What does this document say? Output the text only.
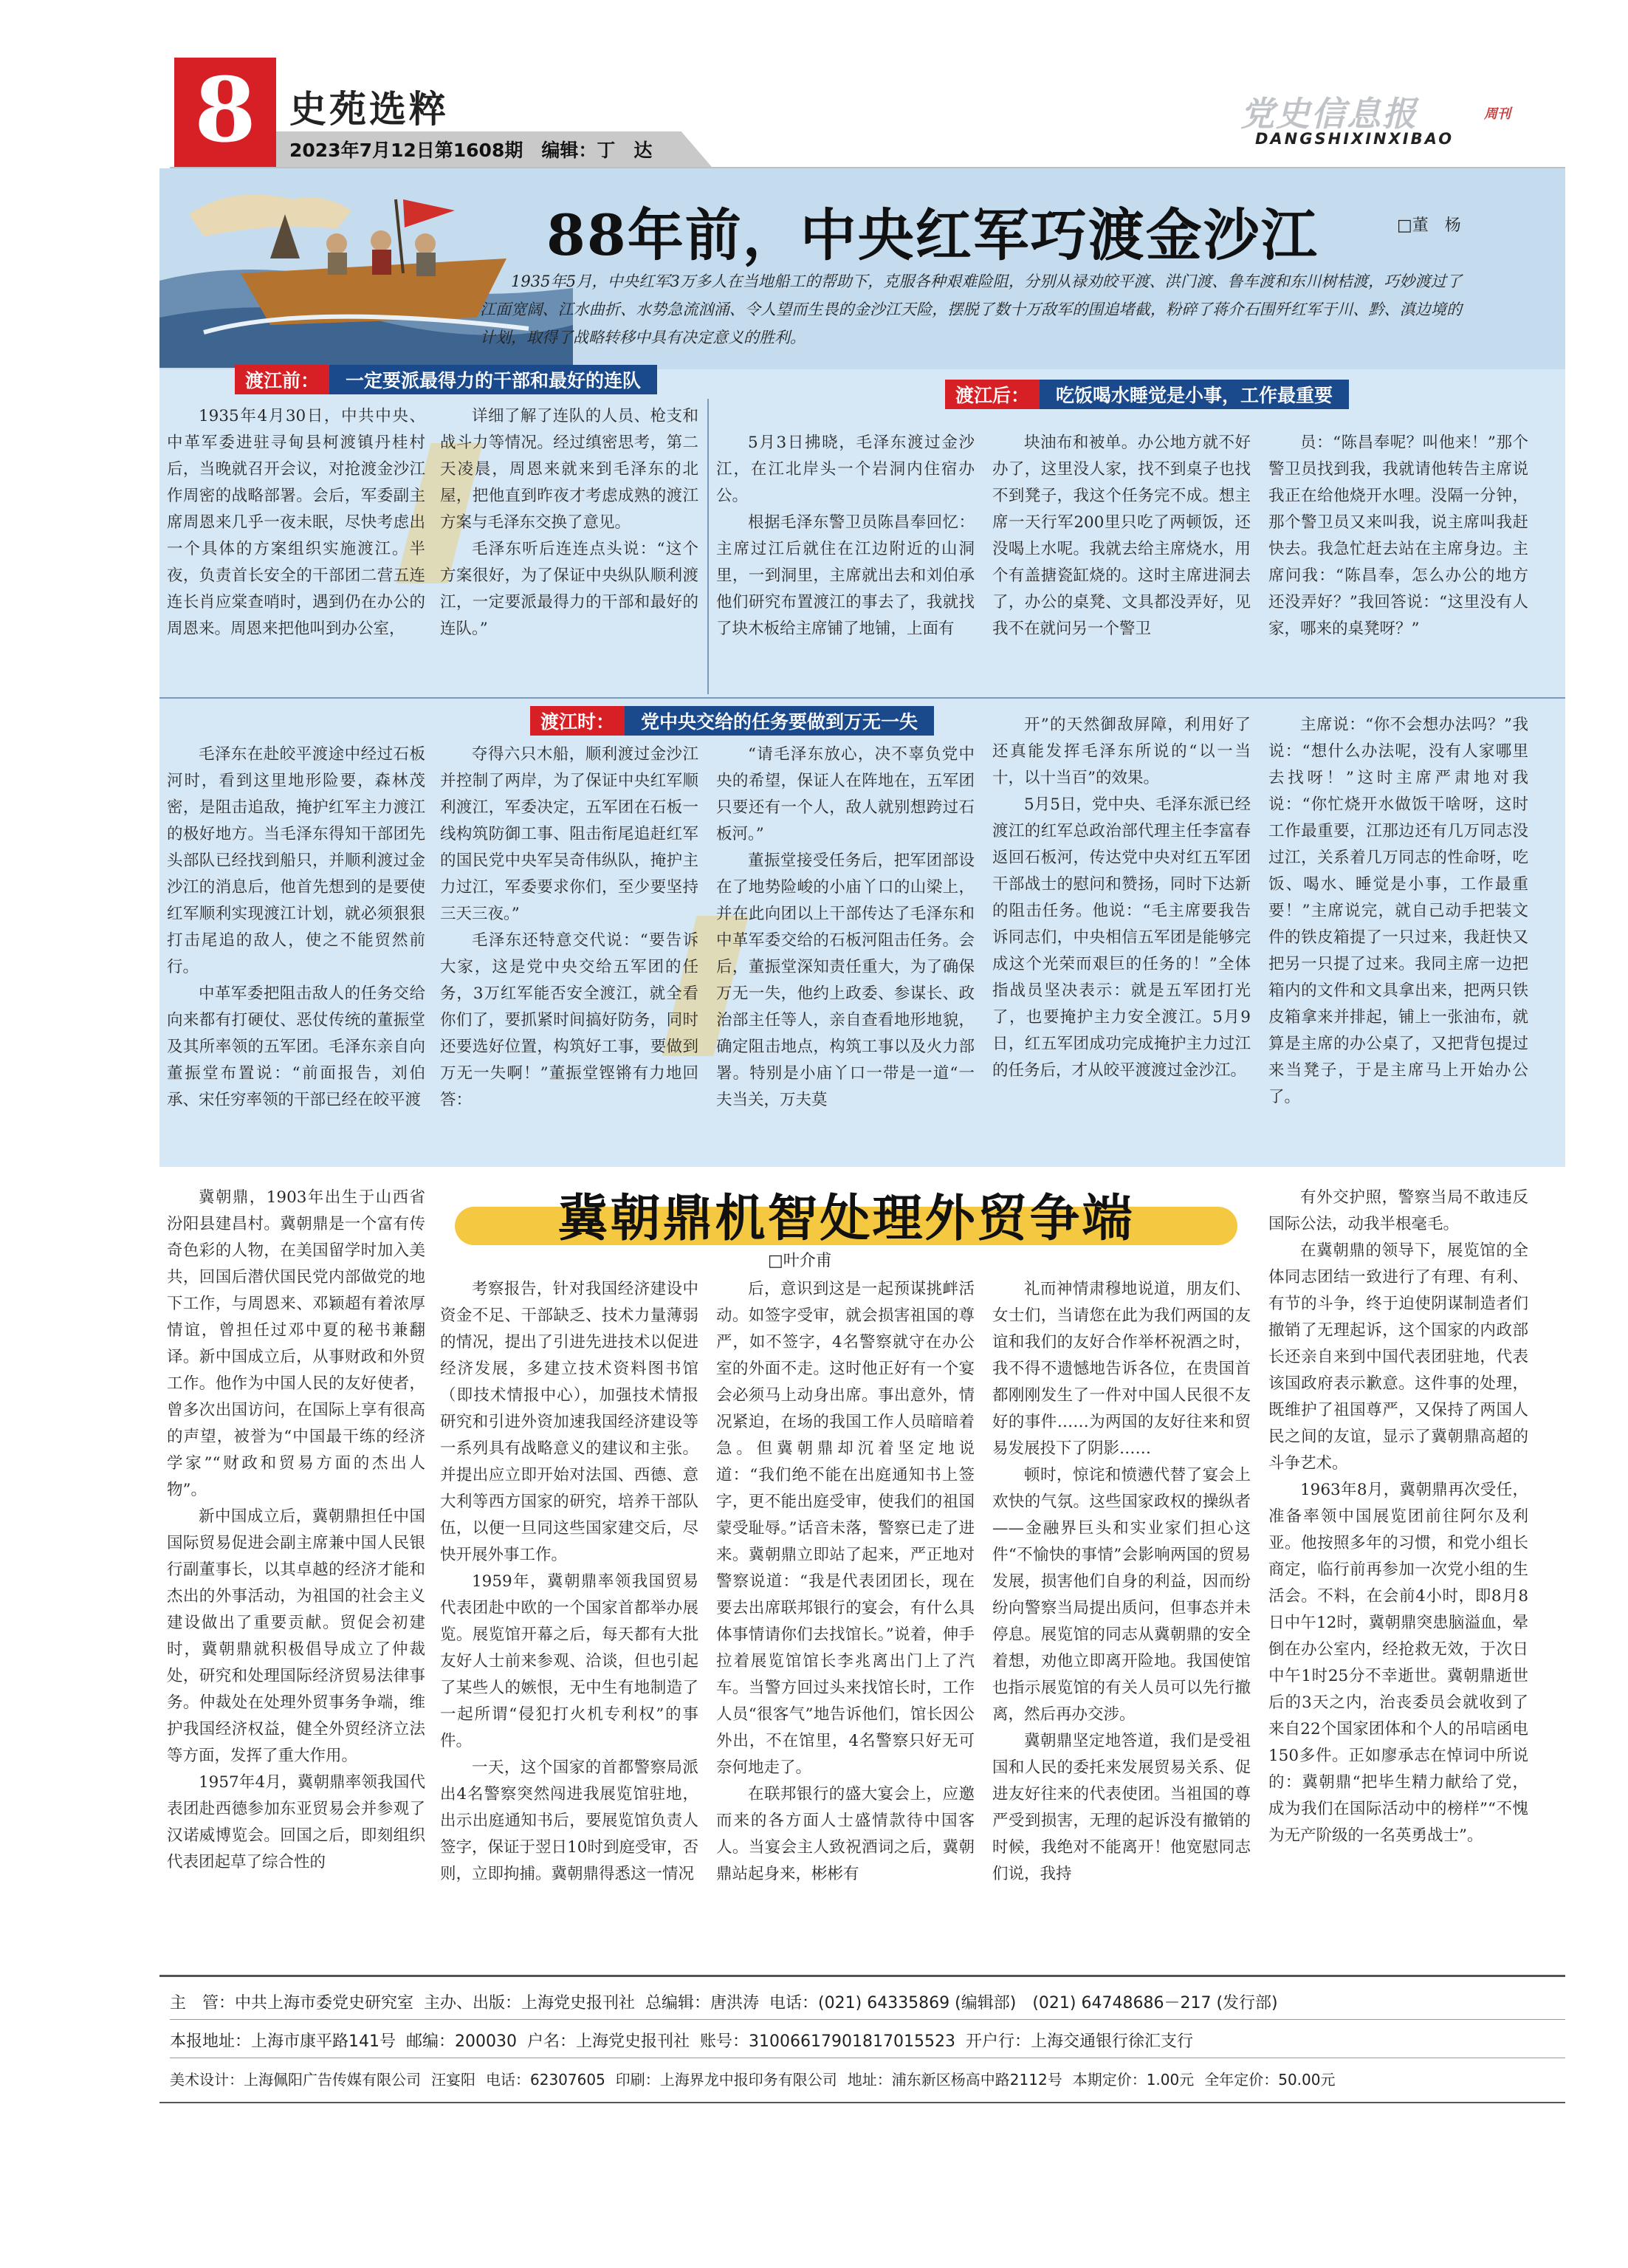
8 史苑选粹
2023年7月12日第1608期　编辑：丁　达
党史信息报	周刊
DANGSHIXINXIBAO
88年前，中央红军巧渡金沙江	□董　杨
1935年5月，中央红军3万多人在当地船工的帮助下，克服各种艰难险阻，分别从禄劝皎平渡、洪门渡、鲁车渡和东川树桔渡，巧妙渡过了江面宽阔、江水曲折、水势急流汹涌、令人望而生畏的金沙江天险，摆脱了数十万敌军的围追堵截，粉碎了蒋介石围歼红军于川、黔、滇边境的计划，取得了战略转移中具有决定意义的胜利。
渡江前：	一定要派最得力的干部和最好的连队
渡江后：	吃饭喝水睡觉是小事，工作最重要

1935年4月30日，中共中央、中革军委进驻寻甸县柯渡镇丹桂村后，当晚就召开会议，对抢渡金沙江作周密的战略部署。会后，军委副主席周恩来几乎一夜未眠，尽快考虑出一个具体的方案组织实施渡江。半夜，负责首长安全的干部团二营五连连长肖应棠查哨时，遇到仍在办公的周恩来。周恩来把他叫到办公室，

详细了解了连队的人员、枪支和战斗力等情况。经过缜密思考，第二天凌晨，周恩来就来到毛泽东的北屋，把他直到昨夜才考虑成熟的渡江方案与毛泽东交换了意见。

毛泽东听后连连点头说：“这个方案很好，为了保证中央纵队顺利渡江，一定要派最得力的干部和最好的连队。”

5月3日拂晓，毛泽东渡过金沙江，在江北岸头一个岩洞内住宿办公。

根据毛泽东警卫员陈昌奉回忆：主席过江后就住在江边附近的山洞里，一到洞里，主席就出去和刘伯承他们研究布置渡江的事去了，我就找了块木板给主席铺了地铺，上面有

块油布和被单。办公地方就不好办了，这里没人家，找不到桌子也找不到凳子，我这个任务完不成。想主席一天行军200里只吃了两顿饭，还没喝上水呢。我就去给主席烧水，用个有盖搪瓷缸烧的。这时主席进洞去了，办公的桌凳、文具都没弄好，见我不在就问另一个警卫

员：“陈昌奉呢？叫他来！”那个警卫员找到我，我就请他转告主席说我正在给他烧开水哩。没隔一分钟，那个警卫员又来叫我，说主席叫我赶快去。我急忙赶去站在主席身边。主席问我：“陈昌奉，怎么办公的地方还没弄好？”我回答说：“这里没有人家，哪来的桌凳呀？”

渡江时：	党中央交给的任务要做到万无一失

毛泽东在赴皎平渡途中经过石板河时，看到这里地形险要，森林茂密，是阻击追敌，掩护红军主力渡江的极好地方。当毛泽东得知干部团先头部队已经找到船只，并顺利渡过金沙江的消息后，他首先想到的是要使红军顺利实现渡江计划，就必须狠狠打击尾追的敌人，使之不能贸然前行。

中革军委把阻击敌人的任务交给向来都有打硬仗、恶仗传统的董振堂及其所率领的五军团。毛泽东亲自向董振堂布置说：“前面报告，刘伯承、宋任穷率领的干部已经在皎平渡

夺得六只木船，顺利渡过金沙江并控制了两岸，为了保证中央红军顺利渡江，军委决定，五军团在石板一线构筑防御工事、阻击衔尾追赶红军的国民党中央军吴奇伟纵队，掩护主力过江，军委要求你们，至少要坚持三天三夜。”

毛泽东还特意交代说：“要告诉大家，这是党中央交给五军团的任务，3万红军能否安全渡江，就全看你们了，要抓紧时间搞好防务，同时还要选好位置，构筑好工事，要做到万无一失啊！”董振堂铿锵有力地回答：

“请毛泽东放心，决不辜负党中央的希望，保证人在阵地在，五军团只要还有一个人，敌人就别想跨过石板河。”

董振堂接受任务后，把军团部设在了地势险峻的小庙丫口的山梁上，并在此向团以上干部传达了毛泽东和中革军委交给的石板河阻击任务。会后，董振堂深知责任重大，为了确保万无一失，他约上政委、参谋长、政治部主任等人，亲自查看地形地貌，确定阻击地点，构筑工事以及火力部署。特别是小庙丫口一带是一道“一夫当关，万夫莫

开”的天然御敌屏障，利用好了还真能发挥毛泽东所说的“以一当十，以十当百”的效果。

5月5日，党中央、毛泽东派已经渡江的红军总政治部代理主任李富春返回石板河，传达党中央对红五军团干部战士的慰问和赞扬，同时下达新的阻击任务。他说：“毛主席要我告诉同志们，中央相信五军团是能够完成这个光荣而艰巨的任务的！”全体指战员坚决表示：就是五军团打光了，也要掩护主力安全渡江。5月9日，红五军团成功完成掩护主力过江的任务后，才从皎平渡渡过金沙江。

主席说：“你不会想办法吗？”我说：“想什么办法呢，没有人家哪里去找呀！”这时主席严肃地对我说：“你忙烧开水做饭干啥呀，这时工作最重要，江那边还有几万同志没过江，关系着几万同志的性命呀，吃饭、喝水、睡觉是小事，工作最重要！”主席说完，就自己动手把装文件的铁皮箱提了一只过来，我赶快又把另一只提了过来。我同主席一边把箱内的文件和文具拿出来，把两只铁皮箱拿来并排起，铺上一张油布，就算是主席的办公桌了，又把背包提过来当凳子，于是主席马上开始办公了。

冀朝鼎机智处理外贸争端
□叶介甫

冀朝鼎，1903年出生于山西省汾阳县建昌村。冀朝鼎是一个富有传奇色彩的人物，在美国留学时加入美共，回国后潜伏国民党内部做党的地下工作，与周恩来、邓颖超有着浓厚情谊，曾担任过邓中夏的秘书兼翻译。新中国成立后，从事财政和外贸工作。他作为中国人民的友好使者，曾多次出国访问，在国际上享有很高的声望，被誉为“中国最干练的经济学家”“财政和贸易方面的杰出人物”。

新中国成立后，冀朝鼎担任中国国际贸易促进会副主席兼中国人民银行副董事长，以其卓越的经济才能和杰出的外事活动，为祖国的社会主义建设做出了重要贡献。贸促会初建时，冀朝鼎就积极倡导成立了仲裁处，研究和处理国际经济贸易法律事务。仲裁处在处理外贸事务争端，维护我国经济权益，健全外贸经济立法等方面，发挥了重大作用。

1957年4月，冀朝鼎率领我国代表团赴西德参加东亚贸易会并参观了汉诺威博览会。回国之后，即刻组织代表团起草了综合性的

考察报告，针对我国经济建设中资金不足、干部缺乏、技术力量薄弱的情况，提出了引进先进技术以促进经济发展，多建立技术资料图书馆（即技术情报中心），加强技术情报研究和引进外资加速我国经济建设等一系列具有战略意义的建议和主张。并提出应立即开始对法国、西德、意大利等西方国家的研究，培养干部队伍，以便一旦同这些国家建交后，尽快开展外事工作。

1959年，冀朝鼎率领我国贸易代表团赴中欧的一个国家首都举办展览。展览馆开幕之后，每天都有大批友好人士前来参观、洽谈，但也引起了某些人的嫉恨，无中生有地制造了一起所谓“侵犯打火机专利权”的事件。

一天，这个国家的首都警察局派出4名警察突然闯进我展览馆驻地，出示出庭通知书后，要展览馆负责人签字，保证于翌日10时到庭受审，否则，立即拘捕。冀朝鼎得悉这一情况

后，意识到这是一起预谋挑衅活动。如签字受审，就会损害祖国的尊严，如不签字，4名警察就守在办公室的外面不走。这时他正好有一个宴会必须马上动身出席。事出意外，情况紧迫，在场的我国工作人员暗暗着急。但冀朝鼎却沉着坚定地说道：“我们绝不能在出庭通知书上签字，更不能出庭受审，使我们的祖国蒙受耻辱。”话音未落，警察已走了进来。冀朝鼎立即站了起来，严正地对警察说道：“我是代表团团长，现在要去出席联邦银行的宴会，有什么具体事情请你们去找馆长。”说着，伸手拉着展览馆馆长李兆离出门上了汽车。当警方回过头来找馆长时，工作人员“很客气”地告诉他们，馆长因公外出，不在馆里，4名警察只好无可奈何地走了。

在联邦银行的盛大宴会上，应邀而来的各方面人士盛情款待中国客人。当宴会主人致祝酒词之后，冀朝鼎站起身来，彬彬有

礼而神情肃穆地说道，朋友们、女士们，当请您在此为我们两国的友谊和我们的友好合作举杯祝酒之时，我不得不遗憾地告诉各位，在贵国首都刚刚发生了一件对中国人民很不友好的事件……为两国的友好往来和贸易发展投下了阴影……

顿时，惊诧和愤懑代替了宴会上欢快的气氛。这些国家政权的操纵者——金融界巨头和实业家们担心这件“不愉快的事情”会影响两国的贸易发展，损害他们自身的利益，因而纷纷向警察当局提出质问，但事态并未停息。展览馆的同志从冀朝鼎的安全着想，劝他立即离开险地。我国使馆也指示展览馆的有关人员可以先行撤离，然后再办交涉。

冀朝鼎坚定地答道，我们是受祖国和人民的委托来发展贸易关系、促进友好往来的代表使团。当祖国的尊严受到损害，无理的起诉没有撤销的时候，我绝对不能离开！他宽慰同志们说，我持

有外交护照，警察当局不敢违反国际公法，动我半根毫毛。

在冀朝鼎的领导下，展览馆的全体同志团结一致进行了有理、有利、有节的斗争，终于迫使阴谋制造者们撤销了无理起诉，这个国家的内政部长还亲自来到中国代表团驻地，代表该国政府表示歉意。这件事的处理，既维护了祖国尊严，又保持了两国人民之间的友谊，显示了冀朝鼎高超的斗争艺术。

1963年8月，冀朝鼎再次受任，准备率领中国展览团前往阿尔及利亚。他按照多年的习惯，和党小组长商定，临行前再参加一次党小组的生活会。不料，在会前4小时，即8月8日中午12时，冀朝鼎突患脑溢血，晕倒在办公室内，经抢救无效，于次日中午1时25分不幸逝世。冀朝鼎逝世后的3天之内，治丧委员会就收到了来自22个国家团体和个人的吊唁函电150多件。正如廖承志在悼词中所说的：冀朝鼎“把毕生精力献给了党，成为我们在国际活动中的榜样”“不愧为无产阶级的一名英勇战士”。

主　管：中共上海市委党史研究室 主办、出版：上海党史报刊社 总编辑：唐洪涛 电话：(021) 64335869 (编辑部)　(021) 64748686－217 (发行部)
本报地址：上海市康平路141号 邮编：200030 户名：上海党史报刊社 账号：31006617901817015523 开户行：上海交通银行徐汇支行
美术设计：上海佩阳广告传媒有限公司 汪宴阳 电话：62307605 印刷：上海界龙中报印务有限公司 地址：浦东新区杨高中路2112号 本期定价：1.00元 全年定价：50.00元
